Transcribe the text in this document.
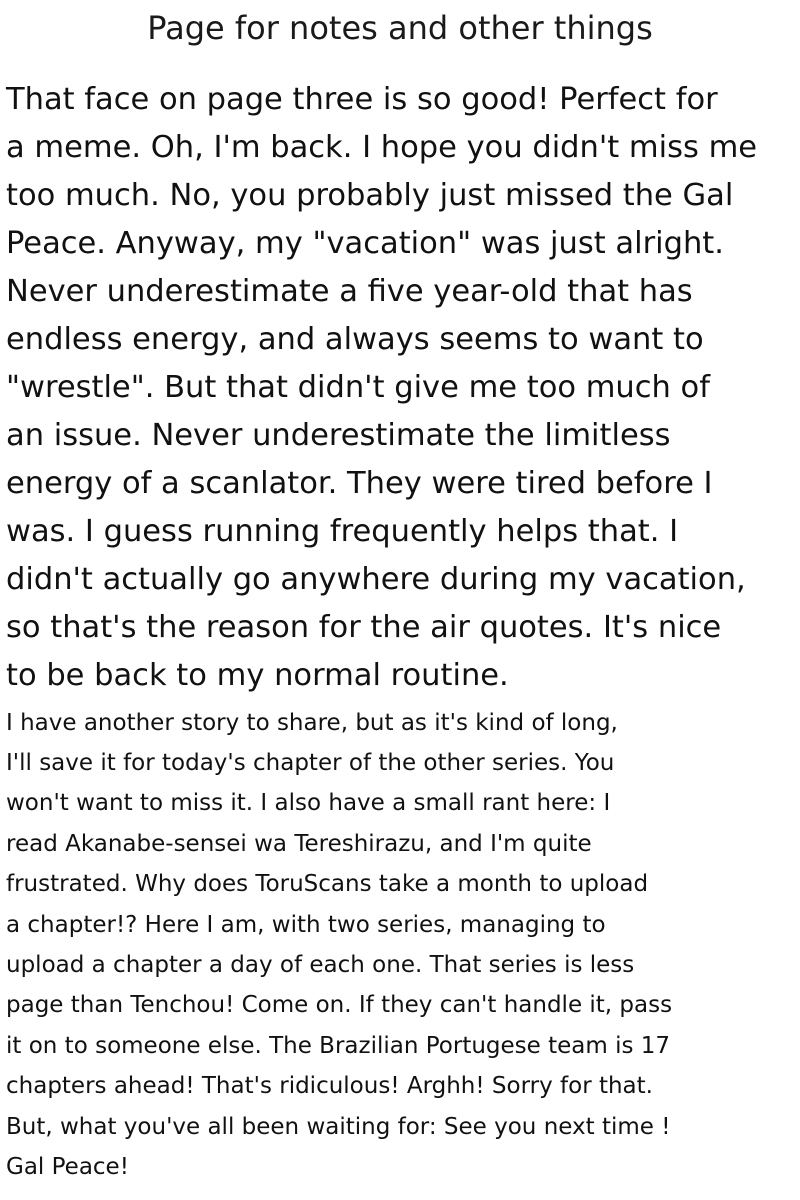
Page for notes and other things

That face on page three is so good! Perfect for

a meme. Oh, I'm back. I hope you didn't miss me

too much. No, you probably just missed the Gal

Peace. Anyway, my "vacation" was just alright.

Never underestimate a five year-old that has

endless energy, and always seems to want to

"wrestle". But that didn't give me too much of

an issue. Never underestimate the limitless

energy of a scanlator. They were tired before I

was. I guess running frequently helps that. I

didn't actually go anywhere during my vacation,

so that's the reason for the air quotes. It's nice

to be back to my normal routine.

I have another story to share, but as it's kind of long,

I'll save it for today's chapter of the other series. You

won't want to miss it. I also have a small rant here: I

read Akanabe-sensei wa Tereshirazu, and I'm quite

frustrated. Why does ToruScans take a month to upload

a chapter!? Here I am, with two series, managing to

upload a chapter a day of each one. That series is less

page than Tenchou! Come on. If they can't handle it, pass

it on to someone else. The Brazilian Portugese team is 17

chapters ahead! That's ridiculous! Arghh! Sorry for that.

But, what you've all been waiting for: See you next time !

Gal Peace!
